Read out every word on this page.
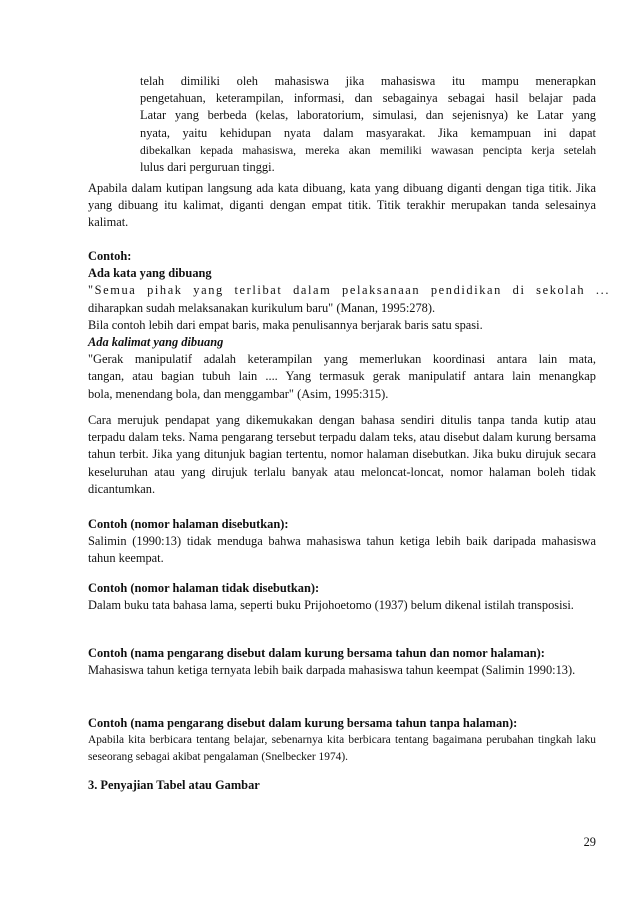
telah dimiliki oleh mahasiswa jika mahasiswa itu mampu menerapkan
pengetahuan, keterampilan, informasi, dan sebagainya sebagai hasil belajar pada
Latar yang berbeda (kelas, laboratorium, simulasi, dan sejenisnya) ke Latar yang
nyata, yaitu kehidupan nyata dalam masyarakat. Jika kemampuan ini dapat
dibekalkan kepada mahasiswa, mereka akan memiliki wawasan pencipta kerja setelah
lulus dari perguruan tinggi.

Apabila dalam kutipan langsung ada kata dibuang, kata yang dibuang diganti dengan tiga titik. Jika yang dibuang itu kalimat, diganti dengan empat titik. Titik terakhir merupakan tanda selesainya kalimat.

Contoh:
Ada kata yang dibuang
"Semua pihak yang terlibat dalam pelaksanaan pendidikan di sekolah ...
diharapkan sudah melaksanakan kurikulum baru" (Manan, 1995:278).
Bila contoh lebih dari empat baris, maka penulisannya berjarak baris satu spasi.
Ada kalimat yang dibuang
"Gerak manipulatif adalah keterampilan yang memerlukan koordinasi antara lain mata,
tangan, atau bagian tubuh lain .... Yang termasuk gerak manipulatif antara lain menangkap
bola, menendang bola, dan menggambar" (Asim, 1995:315).

Cara merujuk pendapat yang dikemukakan dengan bahasa sendiri ditulis tanpa tanda kutip atau terpadu dalam teks. Nama pengarang tersebut terpadu dalam teks, atau disebut dalam kurung bersama tahun terbit. Jika yang ditunjuk bagian tertentu, nomor halaman disebutkan. Jika buku dirujuk secara keseluruhan atau yang dirujuk terlalu banyak atau meloncat-loncat, nomor halaman boleh tidak dicantumkan.

Contoh (nomor halaman disebutkan):
Salimin (1990:13) tidak menduga bahwa mahasiswa tahun ketiga lebih baik daripada mahasiswa tahun keempat.
Contoh (nomor halaman tidak disebutkan):
Dalam buku tata bahasa lama, seperti buku Prijohoetomo (1937) belum dikenal istilah transposisi.
Contoh (nama pengarang disebut dalam kurung bersama tahun dan nomor halaman):
Mahasiswa tahun ketiga ternyata lebih baik darpada mahasiswa tahun keempat (Salimin 1990:13).
Contoh (nama pengarang disebut dalam kurung bersama tahun tanpa halaman):
Apabila kita berbicara tentang belajar, sebenarnya kita berbicara tentang bagaimana perubahan tingkah laku seseorang sebagai akibat pengalaman (Snelbecker 1974).
3. Penyajian Tabel atau Gambar
29
